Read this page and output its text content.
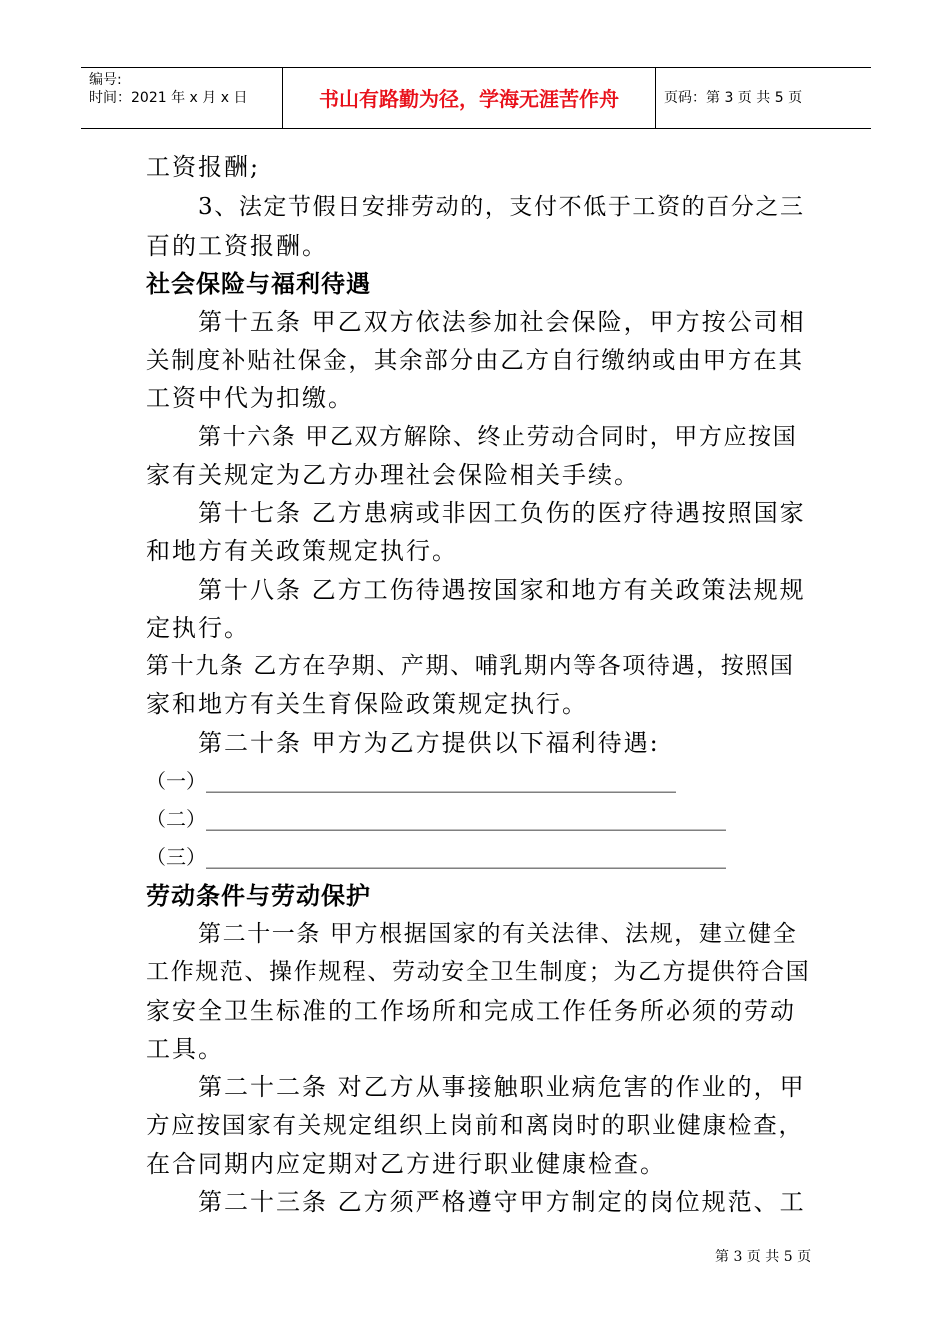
编号:
时间：2021 年 x 月 x 日	书山有路勤为径，学海无涯苦作舟	页码：第 3 页 共 5 页
工资报酬;
3、法定节假日安排劳动的，支付不低于工资的百分之三
百的工资报酬。
社会保险与福利待遇
第十五条 甲乙双方依法参加社会保险，甲方按公司相
关制度补贴社保金，其余部分由乙方自行缴纳或由甲方在其
工资中代为扣缴。
第十六条 甲乙双方解除、终止劳动合同时，甲方应按国
家有关规定为乙方办理社会保险相关手续。
第十七条 乙方患病或非因工负伤的医疗待遇按照国家
和地方有关政策规定执行。
第十八条 乙方工伤待遇按国家和地方有关政策法规规
定执行。
第十九条 乙方在孕期、产期、哺乳期内等各项待遇，按照国
家和地方有关生育保险政策规定执行。
第二十条 甲方为乙方提供以下福利待遇:
（一）_______________________________________________
（二）____________________________________________________
（三）____________________________________________________
劳动条件与劳动保护
第二十一条 甲方根据国家的有关法律、法规，建立健全
工作规范、操作规程、劳动安全卫生制度；为乙方提供符合国
家安全卫生标准的工作场所和完成工作任务所必须的劳动
工具。
第二十二条 对乙方从事接触职业病危害的作业的，甲
方应按国家有关规定组织上岗前和离岗时的职业健康检查，
在合同期内应定期对乙方进行职业健康检查。
第二十三条 乙方须严格遵守甲方制定的岗位规范、工
第 3 页 共 5 页
